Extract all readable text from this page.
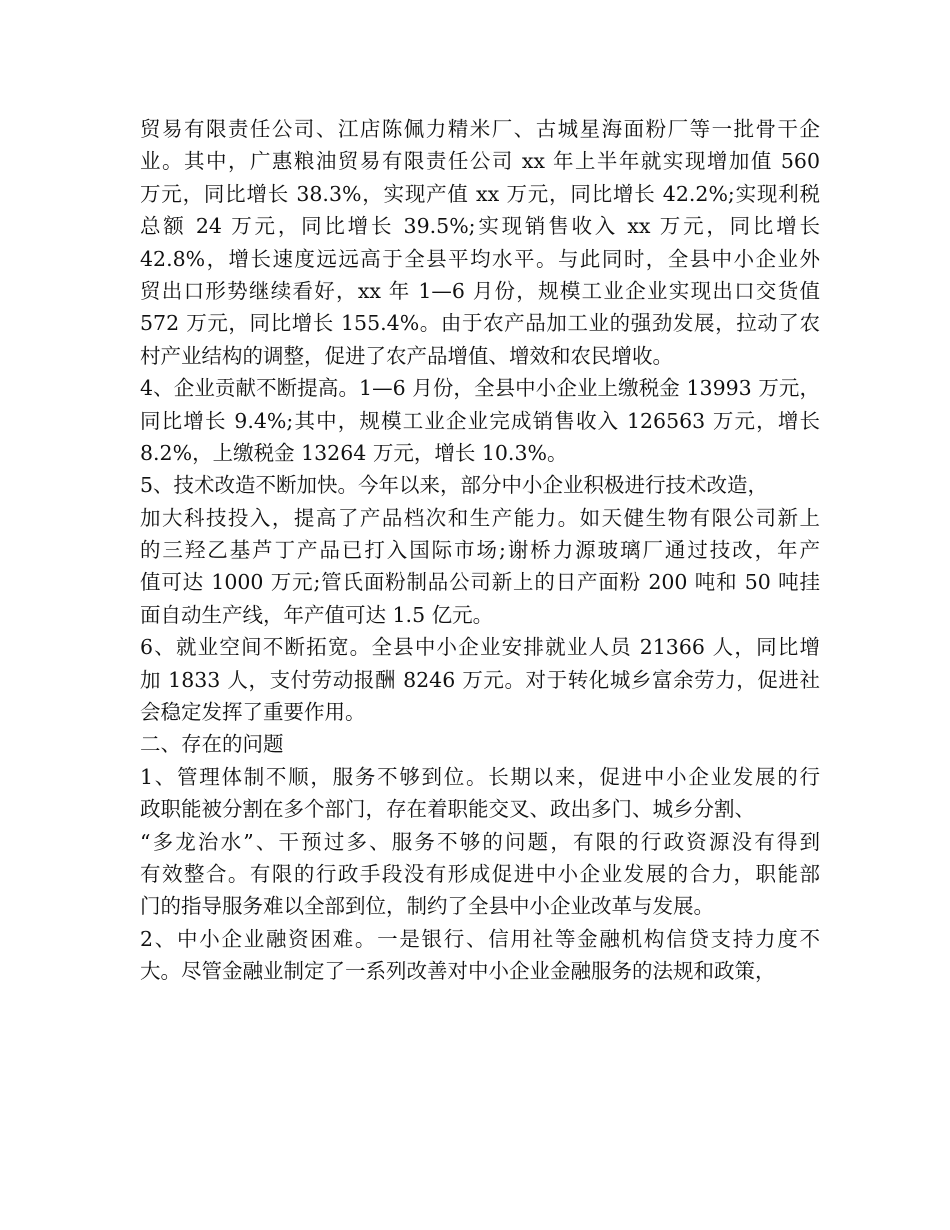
贸易有限责任公司、江店陈佩力精米厂、古城星海面粉厂等一批骨干企
业。其中，广惠粮油贸易有限责任公司 xx 年上半年就实现增加值 560
万元，同比增长 38.3%，实现产值 xx 万元，同比增长 42.2%;实现利税
总额 24 万元，同比增长 39.5%;实现销售收入 xx 万元，同比增长
42.8%，增长速度远远高于全县平均水平。与此同时，全县中小企业外
贸出口形势继续看好，xx 年 1—6 月份，规模工业企业实现出口交货值
572 万元，同比增长 155.4%。由于农产品加工业的强劲发展，拉动了农
村产业结构的调整，促进了农产品增值、增效和农民增收。
4、企业贡献不断提高。1—6 月份，全县中小企业上缴税金 13993 万元，
同比增长 9.4%;其中，规模工业企业完成销售收入 126563 万元，增长
8.2%，上缴税金 13264 万元，增长 10.3%。
5、技术改造不断加快。今年以来，部分中小企业积极进行技术改造，
加大科技投入，提高了产品档次和生产能力。如天健生物有限公司新上
的三羟乙基芦丁产品已打入国际市场;谢桥力源玻璃厂通过技改，年产
值可达 1000 万元;管氏面粉制品公司新上的日产面粉 200 吨和 50 吨挂
面自动生产线，年产值可达 1.5 亿元。
6、就业空间不断拓宽。全县中小企业安排就业人员 21366 人，同比增
加 1833 人，支付劳动报酬 8246 万元。对于转化城乡富余劳力，促进社
会稳定发挥了重要作用。
二、存在的问题
1、管理体制不顺，服务不够到位。长期以来，促进中小企业发展的行
政职能被分割在多个部门，存在着职能交叉、政出多门、城乡分割、
“多龙治水”、干预过多、服务不够的问题，有限的行政资源没有得到
有效整合。有限的行政手段没有形成促进中小企业发展的合力，职能部
门的指导服务难以全部到位，制约了全县中小企业改革与发展。
2、中小企业融资困难。一是银行、信用社等金融机构信贷支持力度不
大。尽管金融业制定了一系列改善对中小企业金融服务的法规和政策，
